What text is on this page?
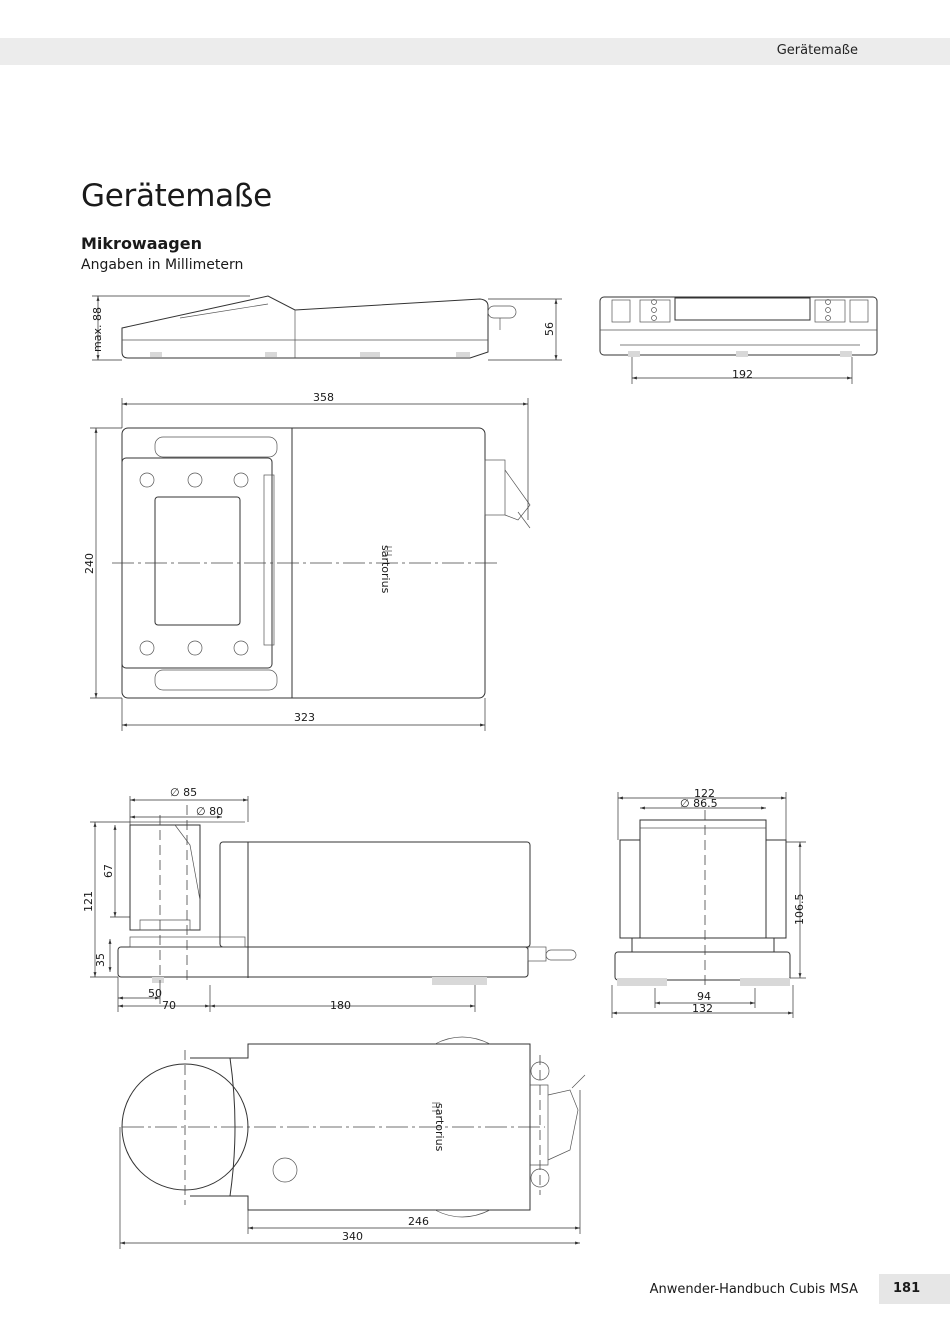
Gerätemaße
Gerätemaße
Mikrowaagen
Angaben in Millimetern
max. 88	56
192
sartorius
358
240
323
∅ 85
∅ 80
121
67
35
50
70	180
122
∅ 86.5
106.5
94
132
sartorius
246
340
Anwender-Handbuch Cubis MSA	181
